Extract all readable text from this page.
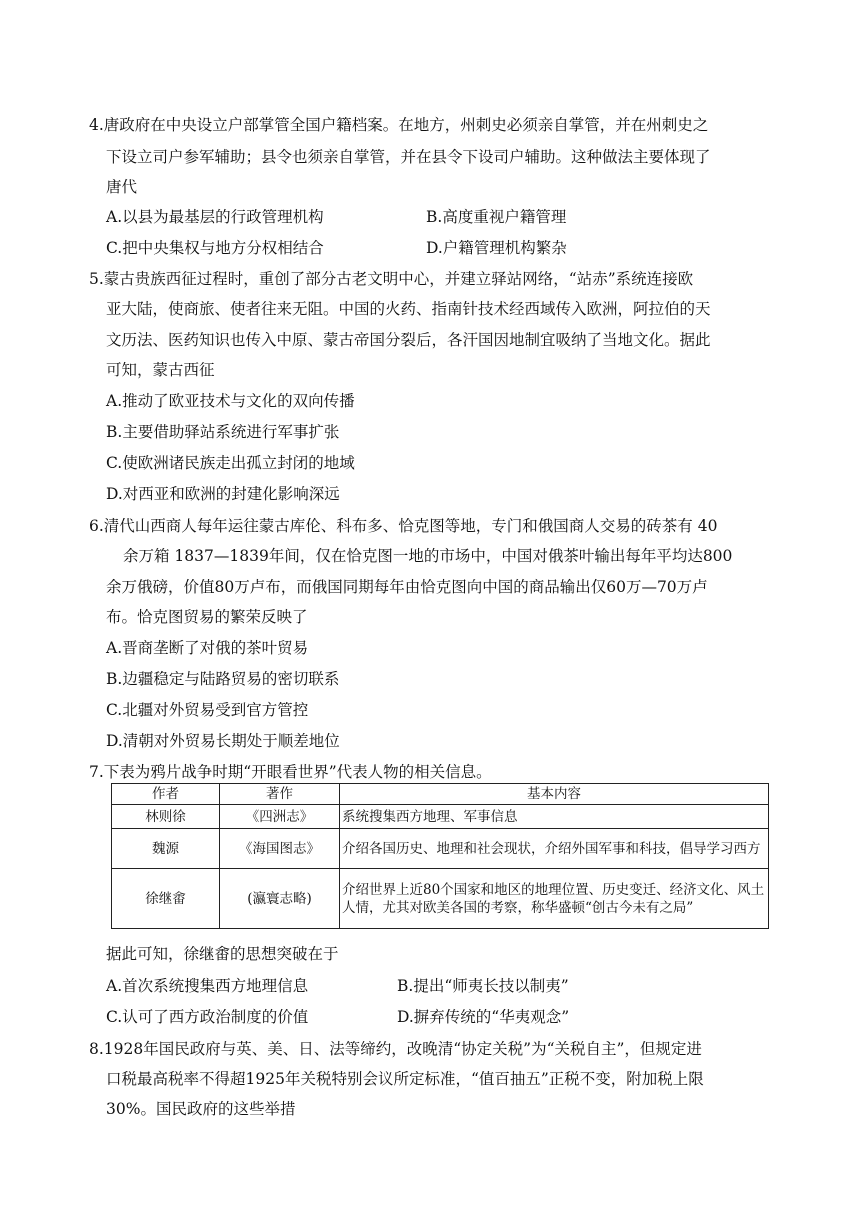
4.唐政府在中央设立户部掌管全国户籍档案。在地方，州刺史必须亲自掌管，并在州刺史之
下设立司户参军辅助；县令也须亲自掌管，并在县令下设司户辅助。这种做法主要体现了
唐代
A.以县为最基层的行政管理机构	B.高度重视户籍管理
C.把中央集权与地方分权相结合	D.户籍管理机构繁杂
5.蒙古贵族西征过程时，重创了部分古老文明中心，并建立驿站网络，“站赤”系统连接欧
亚大陆，使商旅、使者往来无阻。中国的火药、指南针技术经西域传入欧洲，阿拉伯的天
文历法、医药知识也传入中原、蒙古帝国分裂后，各汗国因地制宜吸纳了当地文化。据此
可知，蒙古西征
A.推动了欧亚技术与文化的双向传播
B.主要借助驿站系统进行军事扩张
C.使欧洲诸民族走出孤立封闭的地域
D.对西亚和欧洲的封建化影响深远
6.清代山西商人每年运往蒙古库伦、科布多、恰克图等地，专门和俄国商人交易的砖茶有 40
余万箱 1837—1839年间，仅在恰克图一地的市场中，中国对俄茶叶输出每年平均达800
余万俄磅，价值80万卢布，而俄国同期每年由恰克图向中国的商品输出仅60万—70万卢
布。恰克图贸易的繁荣反映了
A.晋商垄断了对俄的茶叶贸易
B.边疆稳定与陆路贸易的密切联系
C.北疆对外贸易受到官方管控
D.清朝对外贸易长期处于顺差地位
7.下表为鸦片战争时期“开眼看世界”代表人物的相关信息。
作者	著作	基本内容
林则徐	《四洲志》	系统搜集西方地理、军事信息
魏源	《海国图志》	介绍各国历史、地理和社会现状，介绍外国军事和科技，倡导学习西方
徐继畬	(瀛寰志略)	介绍世界上近80个国家和地区的地理位置、历史变迁、经济文化、风土人情，尤其对欧美各国的考察，称华盛顿“创古今未有之局”
据此可知，徐继畬的思想突破在于
A.首次系统搜集西方地理信息	B.提出“师夷长技以制夷”
C.认可了西方政治制度的价值	D.摒弃传统的“华夷观念”
8.1928年国民政府与英、美、日、法等缔约，改晚清“协定关税”为“关税自主”，但规定进
口税最高税率不得超1925年关税特别会议所定标准，“值百抽五”正税不变，附加税上限
30%。国民政府的这些举措
